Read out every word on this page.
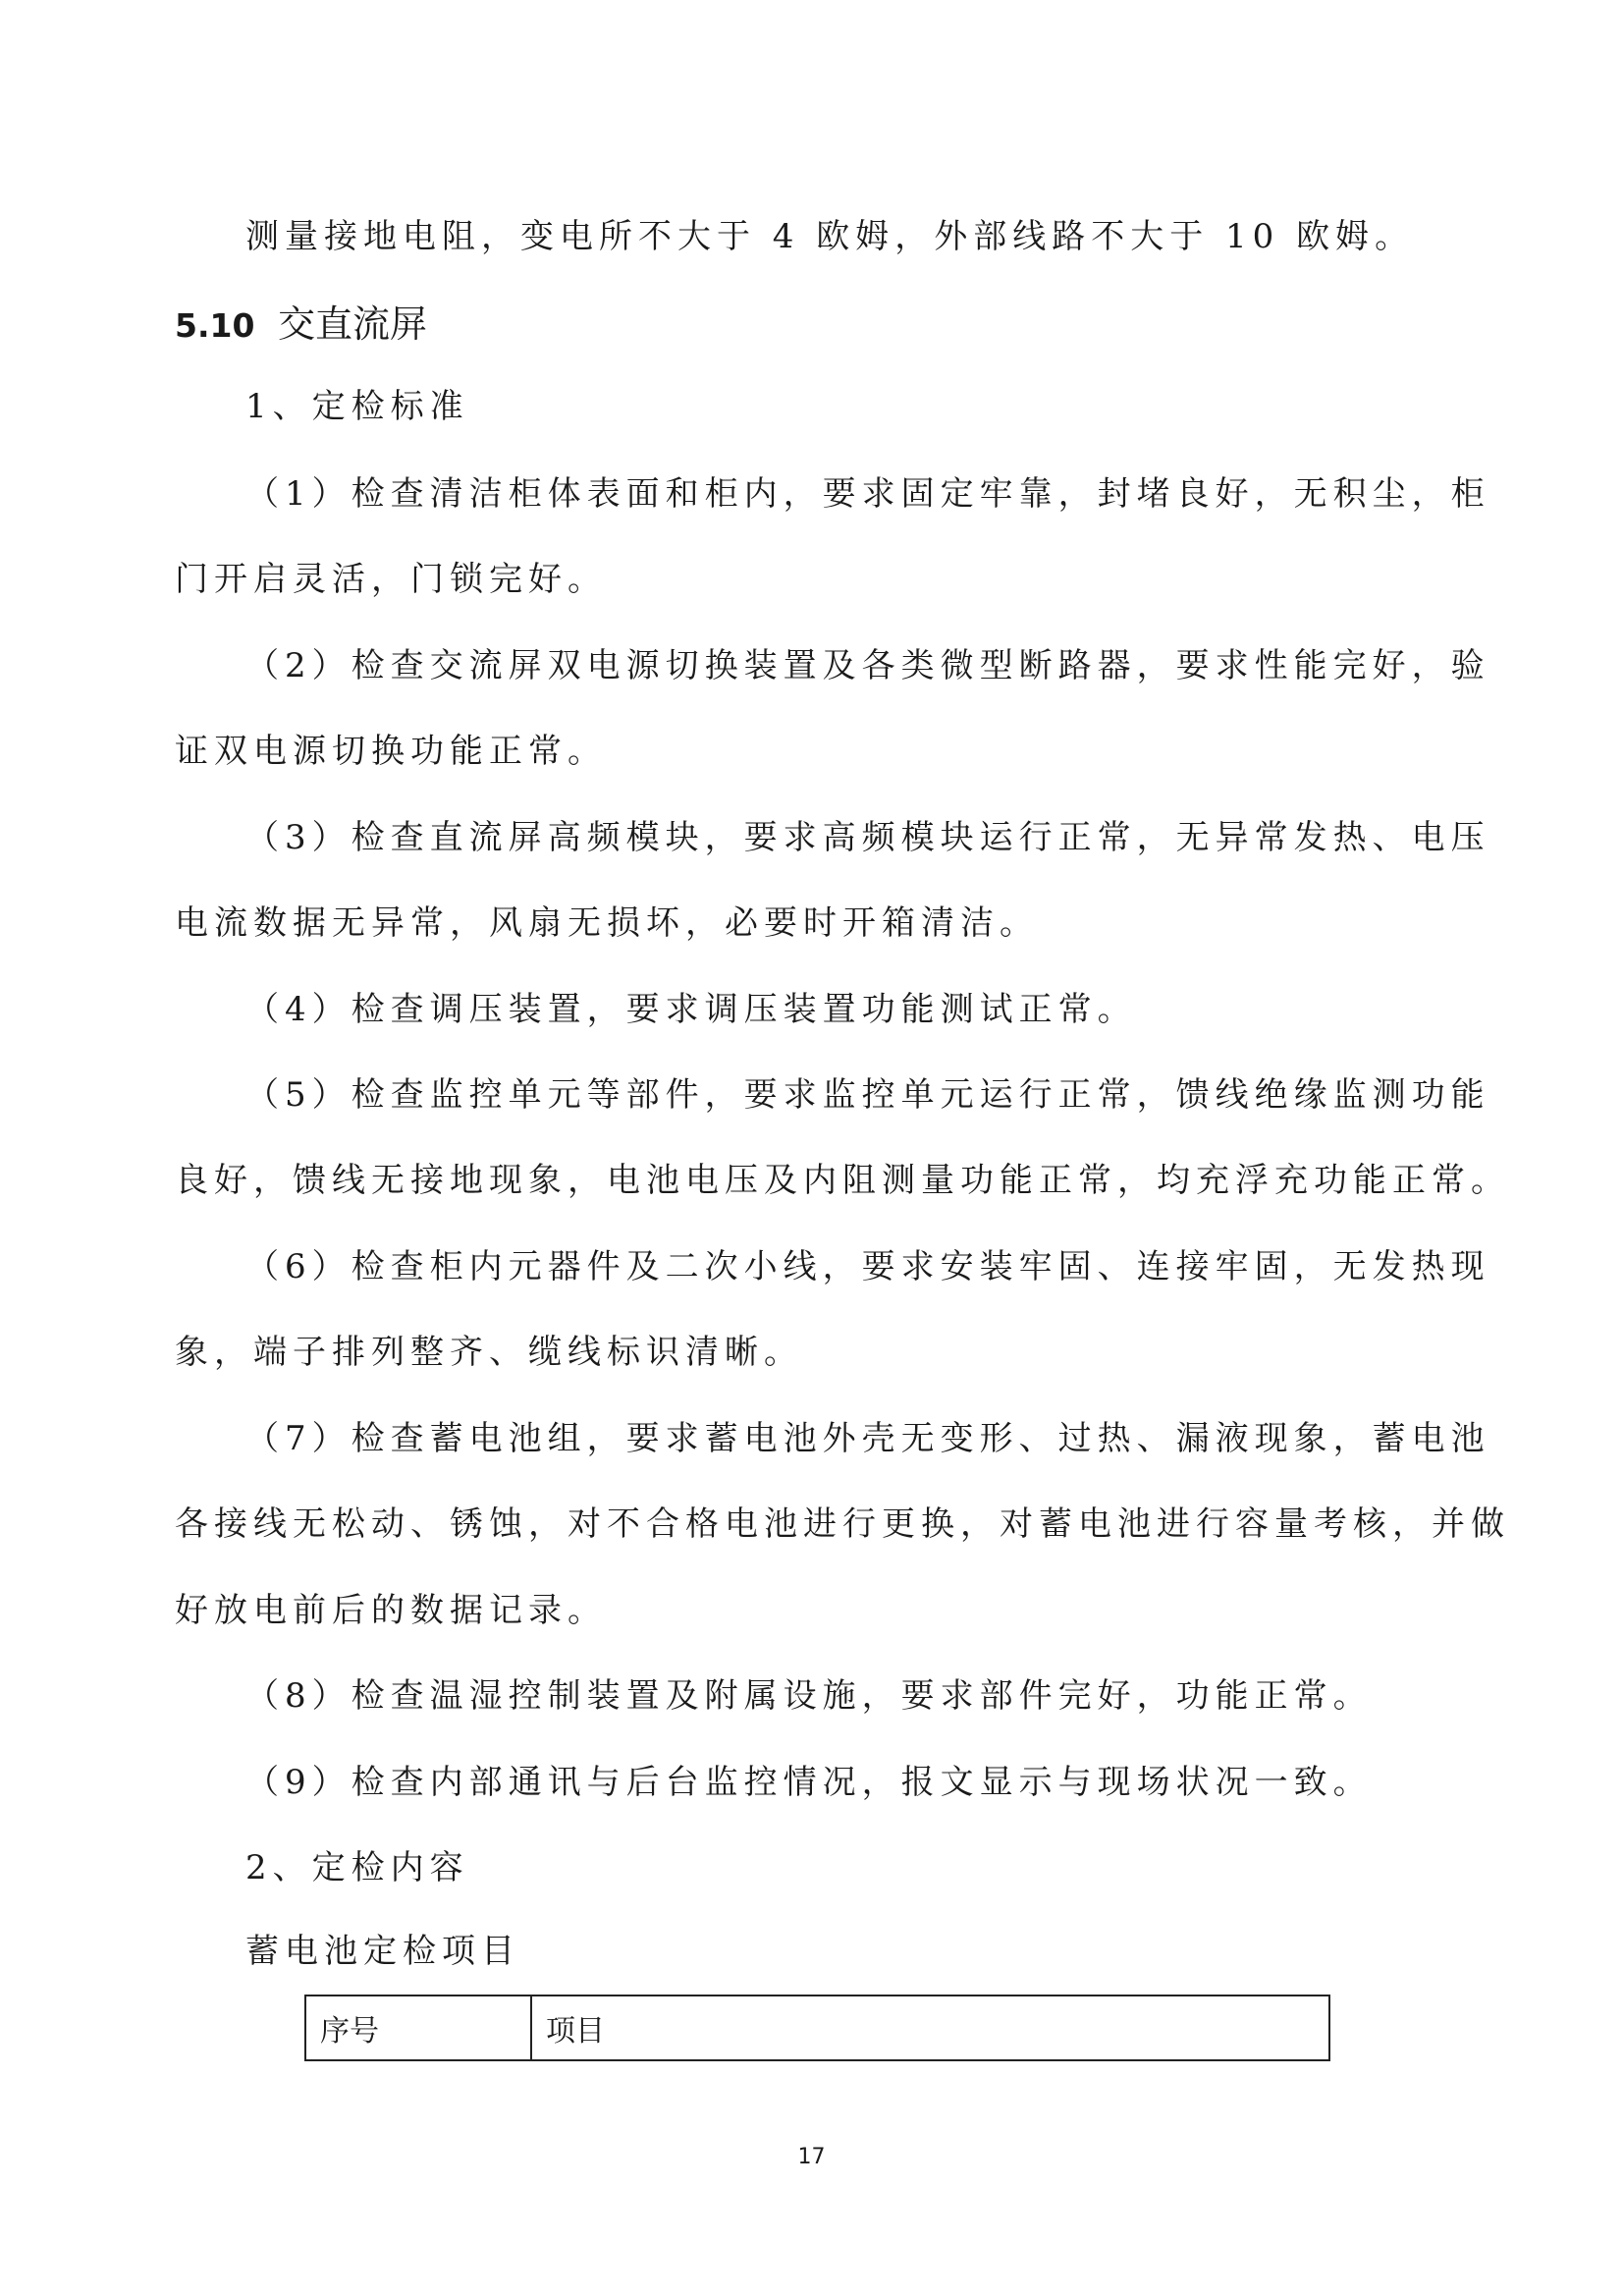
测量接地电阻，变电所不大于 4 欧姆，外部线路不大于 10 欧姆。
5.10 交直流屏
1、定检标准
（1）检查清洁柜体表面和柜内，要求固定牢靠，封堵良好，无积尘，柜
门开启灵活，门锁完好。
（2）检查交流屏双电源切换装置及各类微型断路器，要求性能完好，验
证双电源切换功能正常。
（3）检查直流屏高频模块，要求高频模块运行正常，无异常发热、电压
电流数据无异常，风扇无损坏，必要时开箱清洁。
（4）检查调压装置，要求调压装置功能测试正常。
（5）检查监控单元等部件，要求监控单元运行正常，馈线绝缘监测功能
良好，馈线无接地现象，电池电压及内阻测量功能正常，均充浮充功能正常。
（6）检查柜内元器件及二次小线，要求安装牢固、连接牢固，无发热现
象，端子排列整齐、缆线标识清晰。
（7）检查蓄电池组，要求蓄电池外壳无变形、过热、漏液现象，蓄电池
各接线无松动、锈蚀，对不合格电池进行更换，对蓄电池进行容量考核，并做
好放电前后的数据记录。
（8）检查温湿控制装置及附属设施，要求部件完好，功能正常。
（9）检查内部通讯与后台监控情况，报文显示与现场状况一致。
2、定检内容
蓄电池定检项目
序号	项目
17
